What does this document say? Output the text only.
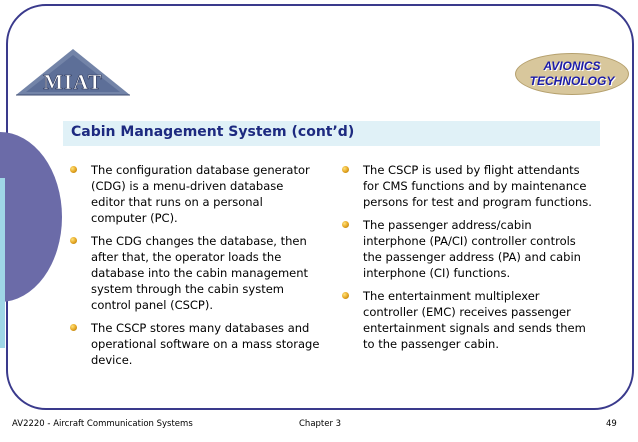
MIAT
AVIONICS
TECHNOLOGY
Cabin Management System (cont’d)
The configuration database generator
(CDG) is a menu-driven database
editor that runs on a personal
computer (PC).
The CDG changes the database, then
after that, the operator loads the
database into the cabin management
system through the cabin system
control panel (CSCP).
The CSCP stores many databases and
operational software on a mass storage
device.
The CSCP is used by flight attendants
for CMS functions and by maintenance
persons for test and program functions.
The passenger address/cabin
interphone (PA/CI) controller controls
the passenger address (PA) and cabin
interphone (CI) functions.
The entertainment multiplexer
controller (EMC) receives passenger
entertainment signals and sends them
to the passenger cabin.
AV2220 - Aircraft Communication Systems	Chapter 3	49
